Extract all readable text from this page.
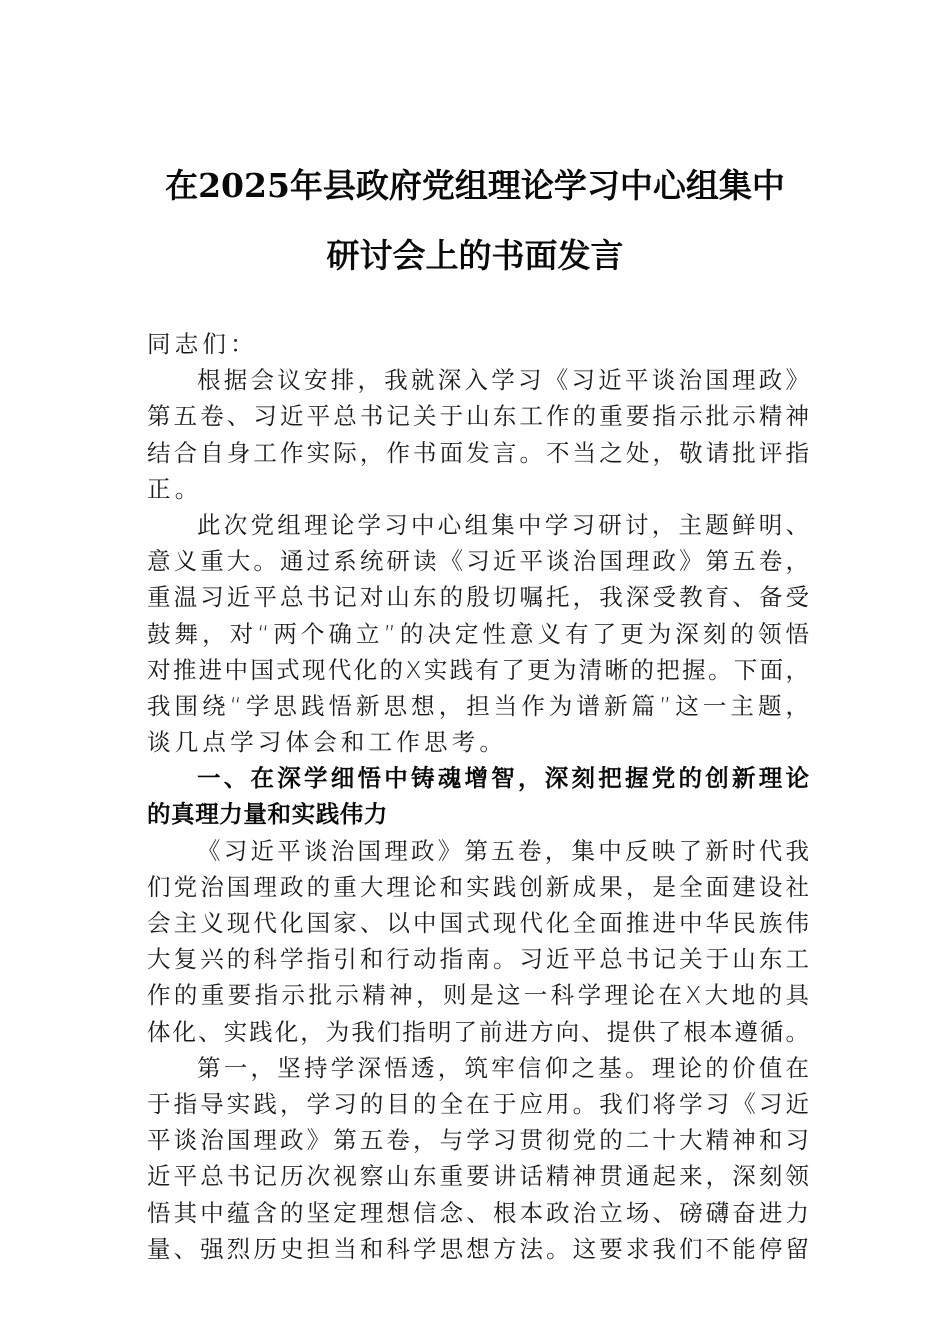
在2025年县政府党组理论学习中心组集中
研讨会上的书面发言
同志们：
根据会议安排，我就深入学习《习近平谈治国理政》
第五卷、习近平总书记关于山东工作的重要指示批示精神
结合自身工作实际，作书面发言。不当之处，敬请批评指
正。
此次党组理论学习中心组集中学习研讨，主题鲜明、
意义重大。通过系统研读《习近平谈治国理政》第五卷，
重温习近平总书记对山东的殷切嘱托，我深受教育、备受
鼓舞，对“两个确立”的决定性意义有了更为深刻的领悟
对推进中国式现代化的X实践有了更为清晰的把握。下面，
我围绕“学思践悟新思想，担当作为谱新篇”这一主题，
谈几点学习体会和工作思考。
一、在深学细悟中铸魂增智，深刻把握党的创新理论
的真理力量和实践伟力
《习近平谈治国理政》第五卷，集中反映了新时代我
们党治国理政的重大理论和实践创新成果，是全面建设社
会主义现代化国家、以中国式现代化全面推进中华民族伟
大复兴的科学指引和行动指南。习近平总书记关于山东工
作的重要指示批示精神，则是这一科学理论在X大地的具
体化、实践化，为我们指明了前进方向、提供了根本遵循。
第一，坚持学深悟透，筑牢信仰之基。理论的价值在
于指导实践，学习的目的全在于应用。我们将学习《习近
平谈治国理政》第五卷，与学习贯彻党的二十大精神和习
近平总书记历次视察山东重要讲话精神贯通起来，深刻领
悟其中蕴含的坚定理想信念、根本政治立场、磅礴奋进力
量、强烈历史担当和科学思想方法。这要求我们不能停留
